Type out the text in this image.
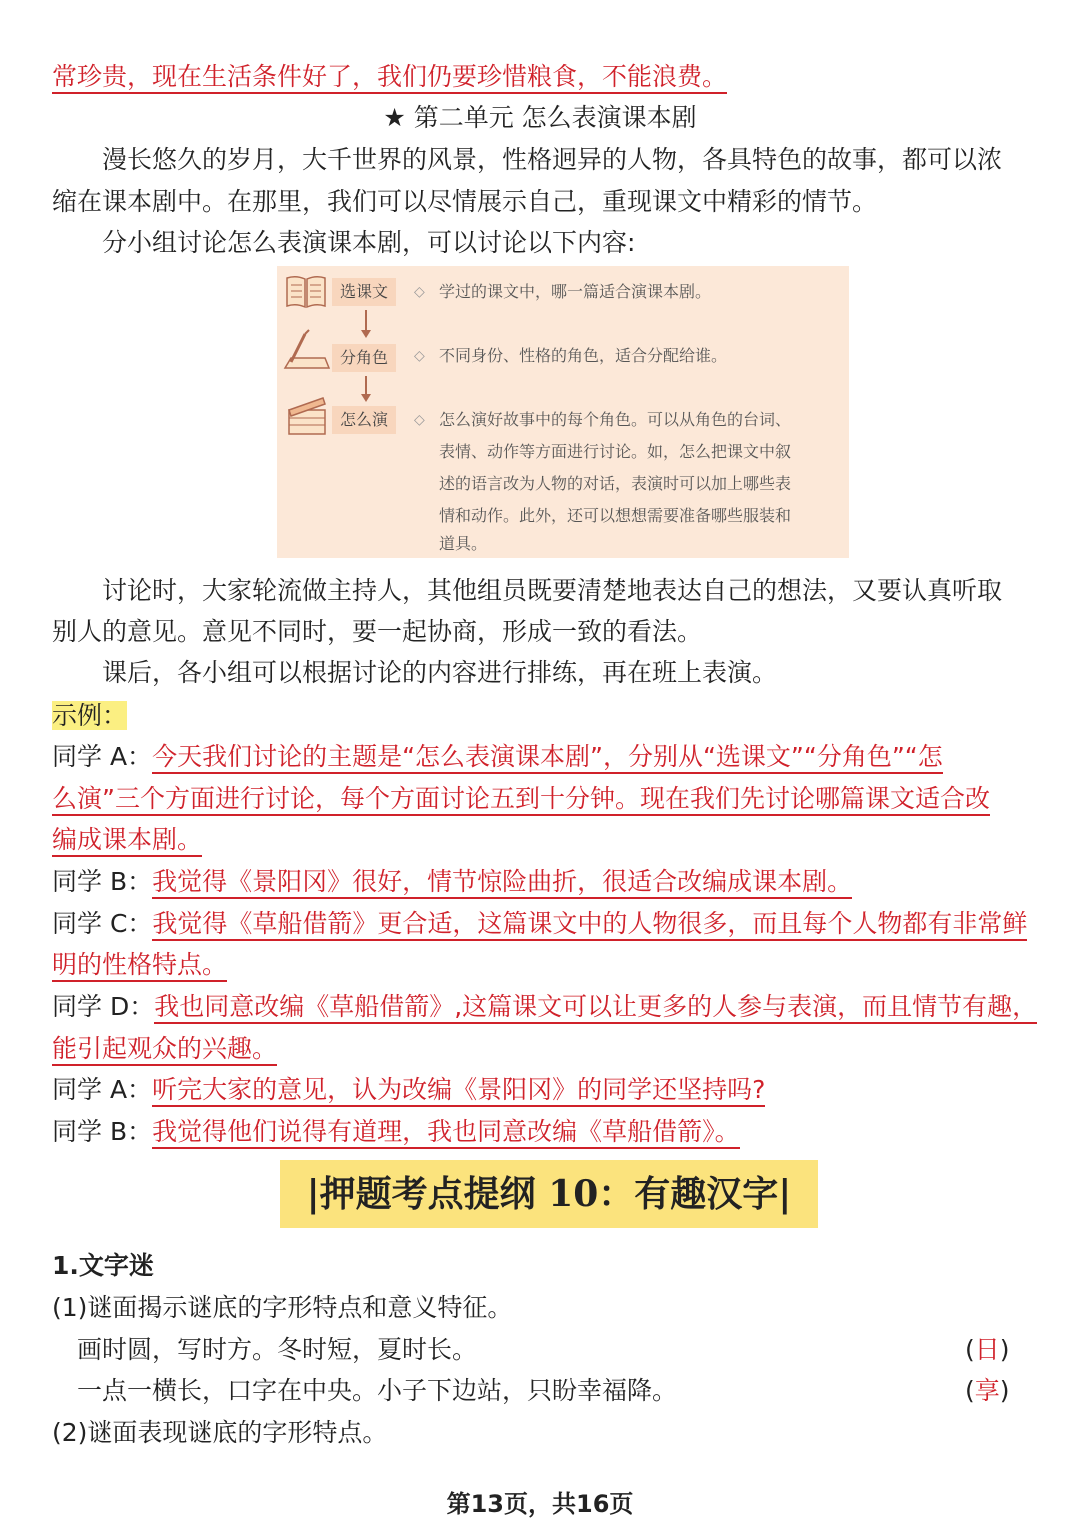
常珍贵，现在生活条件好了，我们仍要珍惜粮食，不能浪费。
★ 第二单元 怎么表演课本剧
漫长悠久的岁月，大千世界的风景，性格迥异的人物，各具特色的故事，都可以浓
缩在课本剧中。在那里，我们可以尽情展示自己，重现课文中精彩的情节。
分小组讨论怎么表演课本剧，可以讨论以下内容:
选课文
分角色
怎么演
◇
◇
◇
学过的课文中，哪一篇适合演课本剧。
不同身份、性格的角色，适合分配给谁。
怎么演好故事中的每个角色。可以从角色的台词、
表情、动作等方面进行讨论。如，怎么把课文中叙
述的语言改为人物的对话，表演时可以加上哪些表
情和动作。此外，还可以想想需要准备哪些服装和
道具。
讨论时，大家轮流做主持人，其他组员既要清楚地表达自己的想法，又要认真听取
别人的意见。意见不同时，要一起协商，形成一致的看法。
课后，各小组可以根据讨论的内容进行排练，再在班上表演。
示例：
同学 A：今天我们讨论的主题是“怎么表演课本剧”，分别从“选课文”“分角色”“怎
么演”三个方面进行讨论，每个方面讨论五到十分钟。现在我们先讨论哪篇课文适合改
编成课本剧。
同学 B：我觉得《景阳冈》很好，情节惊险曲折，很适合改编成课本剧。
同学 C：我觉得《草船借箭》更合适，这篇课文中的人物很多，而且每个人物都有非常鲜
明的性格特点。
同学 D：我也同意改编《草船借箭》,这篇课文可以让更多的人参与表演，而且情节有趣，
能引起观众的兴趣。
同学 A：听完大家的意见，认为改编《景阳冈》的同学还坚持吗?
同学 B：我觉得他们说得有道理，我也同意改编《草船借箭》。
|押题考点提纲 10：有趣汉字|
1.文字迷
(1)谜面揭示谜底的字形特点和意义特征。
画时圆，写时方。冬时短，夏时长。	(日)
一点一横长，口字在中央。小子下边站，只盼幸福降。	(享)
(2)谜面表现谜底的字形特点。
第13页，共16页
